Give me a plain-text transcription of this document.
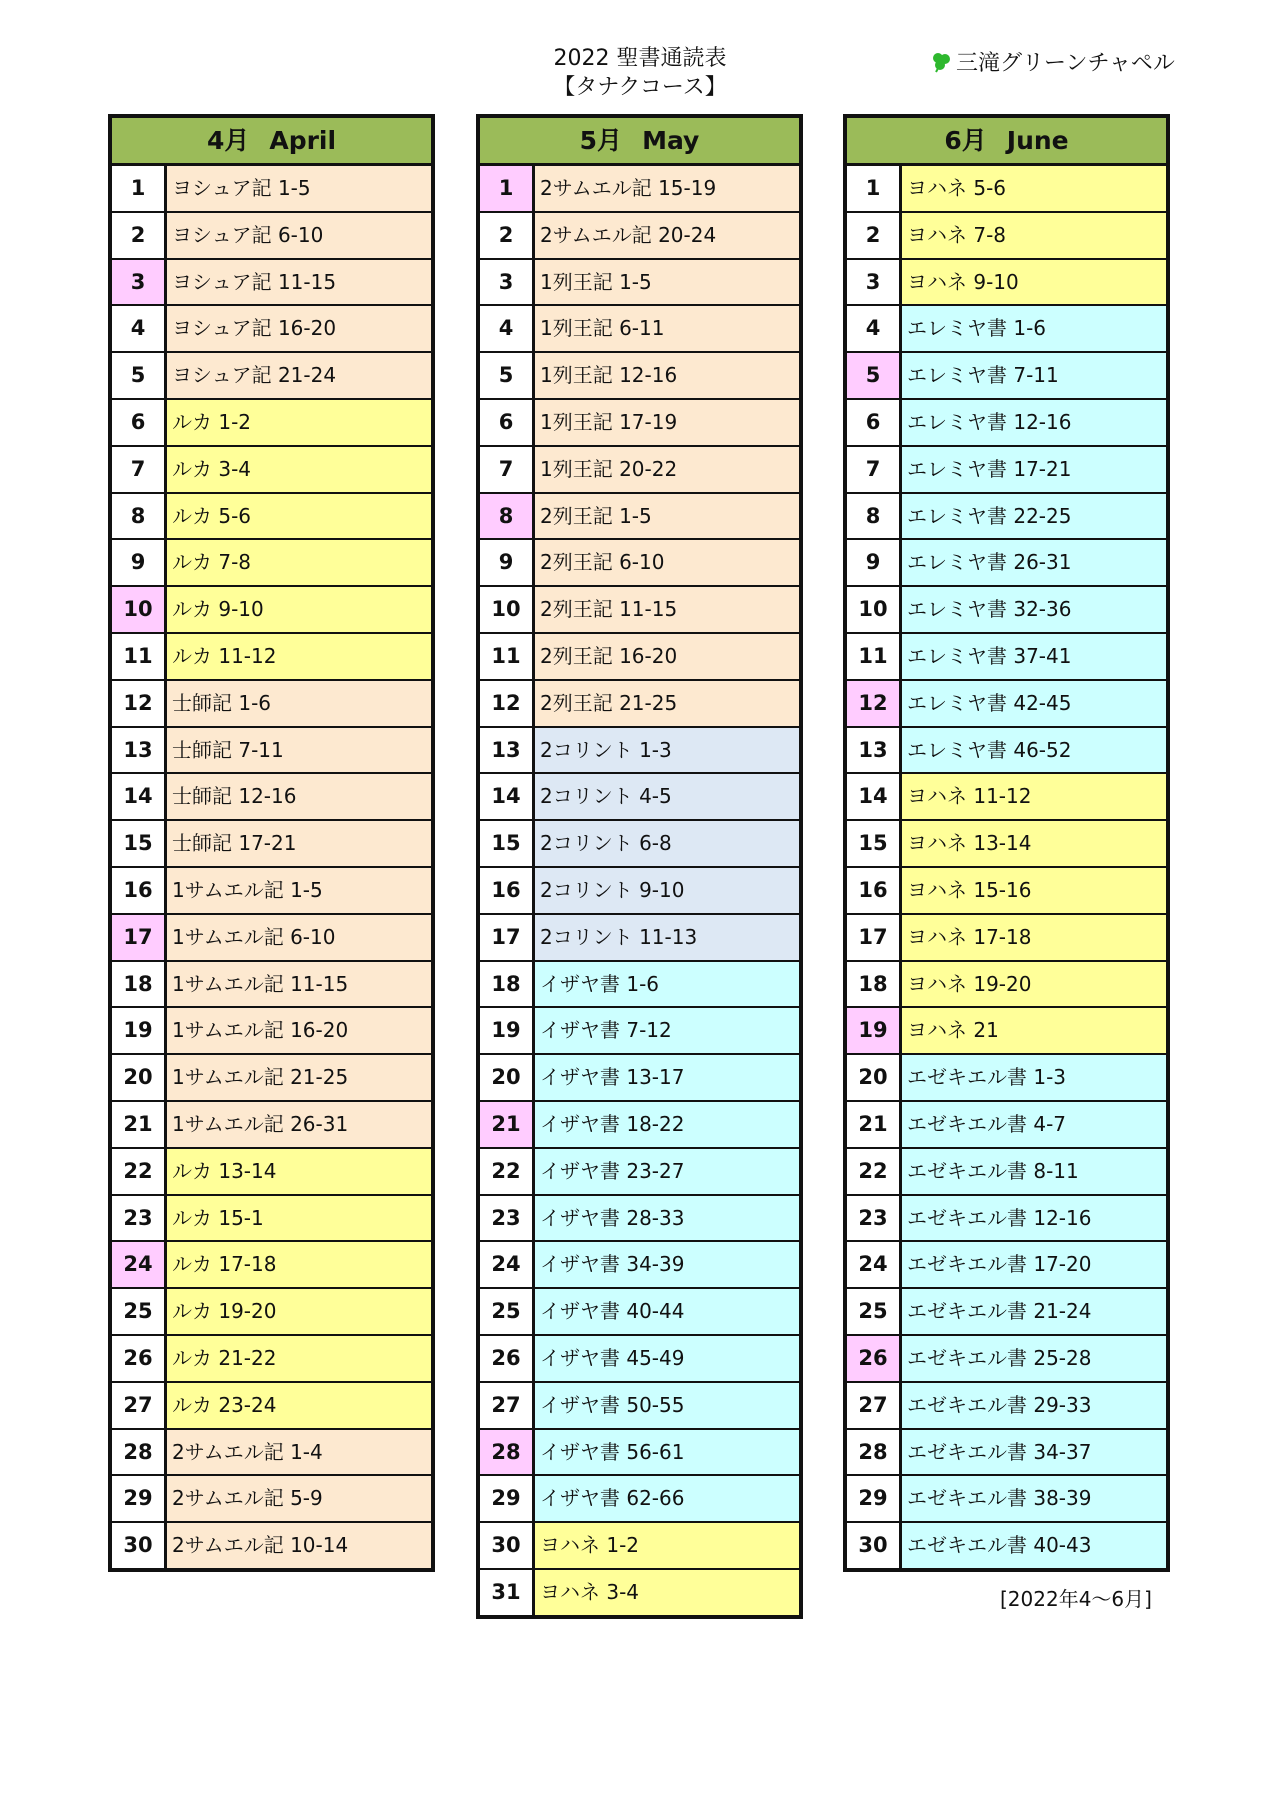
2022 聖書通読表
【タナクコース】
三滝グリーンチャペル
4月 April
1	ヨシュア記 1-5
2	ヨシュア記 6-10
3	ヨシュア記 11-15
4	ヨシュア記 16-20
5	ヨシュア記 21-24
6	ルカ 1-2
7	ルカ 3-4
8	ルカ 5-6
9	ルカ 7-8
10 ルカ 9-10
11 ルカ 11-12
12 士師記 1-6
13 士師記 7-11
14 士師記 12-16
15 士師記 17-21
16 1サムエル記 1-5
17 1サムエル記 6-10
18 1サムエル記 11-15
19 1サムエル記 16-20
20 1サムエル記 21-25
21 1サムエル記 26-31
22 ルカ 13-14
23 ルカ 15-1
24 ルカ 17-18
25 ルカ 19-20
26 ルカ 21-22
27 ルカ 23-24
28 2サムエル記 1-4
29 2サムエル記 5-9
30 2サムエル記 10-14
5月 May
1	2サムエル記 15-19
2	2サムエル記 20-24
3	1列王記 1-5
4	1列王記 6-11
5	1列王記 12-16
6	1列王記 17-19
7	1列王記 20-22
8	2列王記 1-5
9	2列王記 6-10
10 2列王記 11-15
11 2列王記 16-20
12 2列王記 21-25
13 2コリント 1-3
14 2コリント 4-5
15 2コリント 6-8
16 2コリント 9-10
17 2コリント 11-13
18 イザヤ書 1-6
19 イザヤ書 7-12
20 イザヤ書 13-17
21 イザヤ書 18-22
22 イザヤ書 23-27
23 イザヤ書 28-33
24 イザヤ書 34-39
25 イザヤ書 40-44
26 イザヤ書 45-49
27 イザヤ書 50-55
28 イザヤ書 56-61
29 イザヤ書 62-66
30 ヨハネ 1-2
31 ヨハネ 3-4
6月 June
1	ヨハネ 5-6
2	ヨハネ 7-8
3	ヨハネ 9-10
4	エレミヤ書 1-6
5	エレミヤ書 7-11
6	エレミヤ書 12-16
7	エレミヤ書 17-21
8	エレミヤ書 22-25
9	エレミヤ書 26-31
10 エレミヤ書 32-36
11 エレミヤ書 37-41
12 エレミヤ書 42-45
13 エレミヤ書 46-52
14 ヨハネ 11-12
15 ヨハネ 13-14
16 ヨハネ 15-16
17 ヨハネ 17-18
18 ヨハネ 19-20
19 ヨハネ 21
20 エゼキエル書 1-3
21 エゼキエル書 4-7
22 エゼキエル書 8-11
23 エゼキエル書 12-16
24 エゼキエル書 17-20
25 エゼキエル書 21-24
26 エゼキエル書 25-28
27 エゼキエル書 29-33
28 エゼキエル書 34-37
29 エゼキエル書 38-39
30 エゼキエル書 40-43
[2022年4～6月]
